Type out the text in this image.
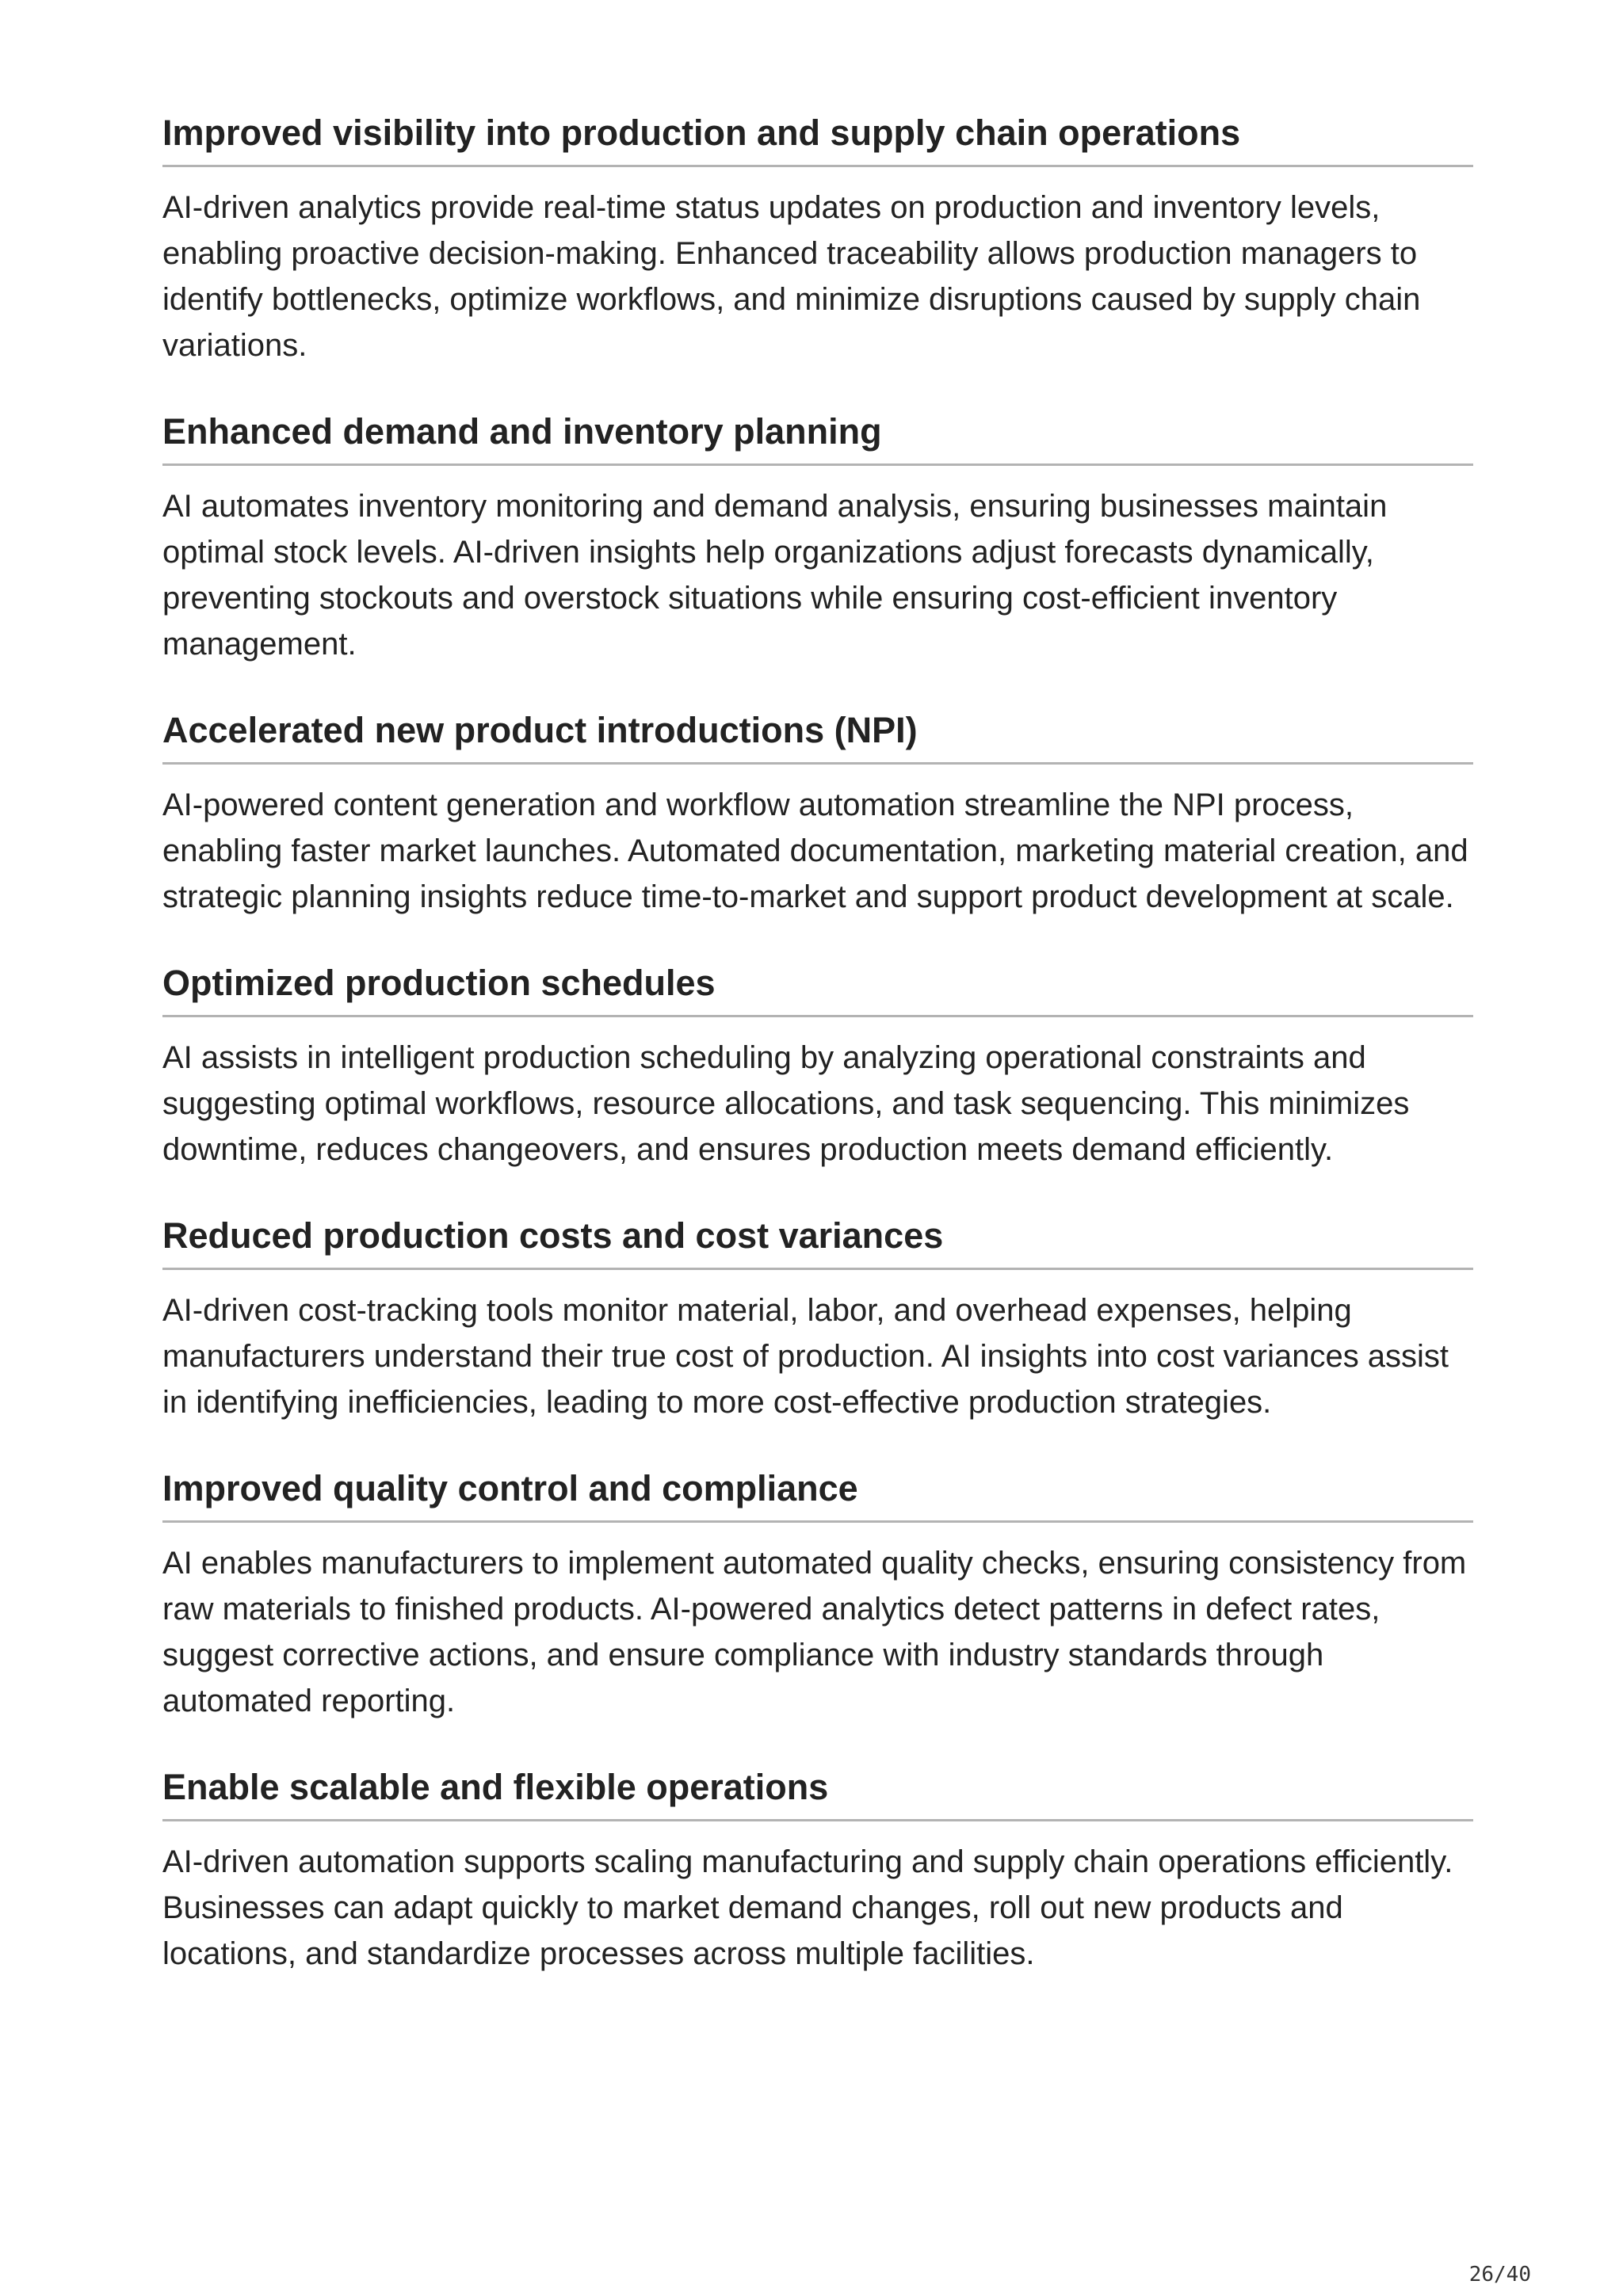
Improved visibility into production and supply chain operations

AI-driven analytics provide real-time status updates on production and inventory levels, enabling proactive decision-making. Enhanced traceability allows production managers to identify bottlenecks, optimize workflows, and minimize disruptions caused by supply chain variations.

Enhanced demand and inventory planning

AI automates inventory monitoring and demand analysis, ensuring businesses maintain optimal stock levels. AI-driven insights help organizations adjust forecasts dynamically, preventing stockouts and overstock situations while ensuring cost-efficient inventory management.

Accelerated new product introductions (NPI)

AI-powered content generation and workflow automation streamline the NPI process, enabling faster market launches. Automated documentation, marketing material creation, and strategic planning insights reduce time-to-market and support product development at scale.

Optimized production schedules

AI assists in intelligent production scheduling by analyzing operational constraints and suggesting optimal workflows, resource allocations, and task sequencing. This minimizes downtime, reduces changeovers, and ensures production meets demand efficiently.

Reduced production costs and cost variances

AI-driven cost-tracking tools monitor material, labor, and overhead expenses, helping manufacturers understand their true cost of production. AI insights into cost variances assist in identifying inefficiencies, leading to more cost-effective production strategies.

Improved quality control and compliance

AI enables manufacturers to implement automated quality checks, ensuring consistency from raw materials to finished products. AI-powered analytics detect patterns in defect rates, suggest corrective actions, and ensure compliance with industry standards through automated reporting.

Enable scalable and flexible operations

AI-driven automation supports scaling manufacturing and supply chain operations efficiently. Businesses can adapt quickly to market demand changes, roll out new products and locations, and standardize processes across multiple facilities.

26/40
